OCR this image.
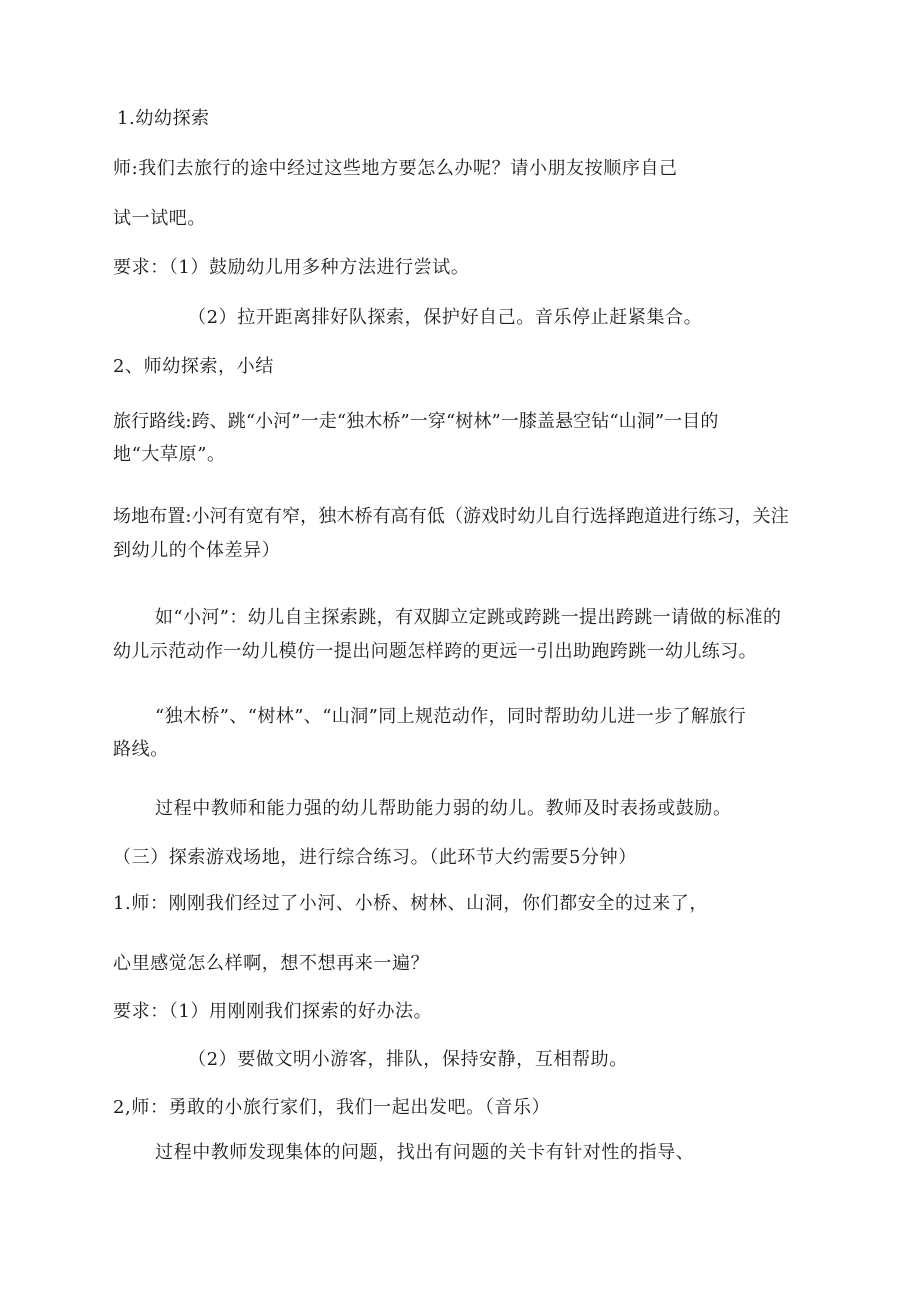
1.幼幼探索
师:我们去旅行的途中经过这些地方要怎么办呢？请小朋友按顺序自己
试一试吧。
要求：（1）鼓励幼儿用多种方法进行尝试。
（2）拉开距离排好队探索，保护好自己。音乐停止赶紧集合。
2、师幼探索，小结
旅行路线:跨、跳“小河”一走“独木桥”一穿“树林”一膝盖悬空钻“山洞”一目的
地“大草原”。
场地布置:小河有宽有窄，独木桥有高有低（游戏时幼儿自行选择跑道进行练习，关注
到幼儿的个体差异）
如“小河”：幼儿自主探索跳，有双脚立定跳或跨跳一提出跨跳一请做的标准的
幼儿示范动作一幼儿模仿一提出问题怎样跨的更远一引出助跑跨跳一幼儿练习。
“独木桥”、“树林”、“山洞”同上规范动作，同时帮助幼儿进一步了解旅行
路线。
过程中教师和能力强的幼儿帮助能力弱的幼儿。教师及时表扬或鼓励。
（三）探索游戏场地，进行综合练习。（此环节大约需要5分钟）
1.师：刚刚我们经过了小河、小桥、树林、山洞，你们都安全的过来了，
心里感觉怎么样啊，想不想再来一遍？
要求：（1）用刚刚我们探索的好办法。
（2）要做文明小游客，排队，保持安静，互相帮助。
2,师：勇敢的小旅行家们，我们一起出发吧。（音乐）
过程中教师发现集体的问题，找出有问题的关卡有针对性的指导、
